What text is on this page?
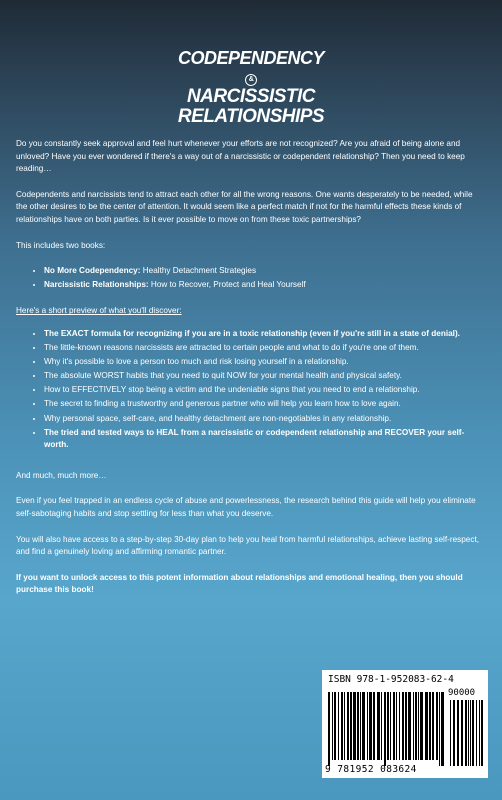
CODEPENDENCY
&
NARCISSISTIC
RELATIONSHIPS

Do you constantly seek approval and feel hurt whenever your efforts are not recognized? Are you afraid of being alone and unloved? Have you ever wondered if there's a way out of a narcissistic or codependent relationship? Then you need to keep reading…

Codependents and narcissists tend to attract each other for all the wrong reasons. One wants desperately to be needed, while the other desires to be the center of attention. It would seem like a perfect match if not for the harmful effects these kinds of relationships have on both parties. Is it ever possible to move on from these toxic partnerships?

This includes two books:

• No More Codependency: Healthy Detachment Strategies
• Narcissistic Relationships: How to Recover, Protect and Heal Yourself
Here's a short preview of what you'll discover:
• The EXACT formula for recognizing if you are in a toxic relationship (even if you're still in a state of denial).
• The little-known reasons narcissists are attracted to certain people and what to do if you're one of them.
• Why it's possible to love a person too much and risk losing yourself in a relationship.
• The absolute WORST habits that you need to quit NOW for your mental health and physical safety.
• How to EFFECTIVELY stop being a victim and the undeniable signs that you need to end a relationship.
• The secret to finding a trustworthy and generous partner who will help you learn how to love again.
• Why personal space, self-care, and healthy detachment are non-negotiables in any relationship.
• The tried and tested ways to HEAL from a narcissistic or codependent relationship and RECOVER your self-worth.

And much, much more…

Even if you feel trapped in an endless cycle of abuse and powerlessness, the research behind this guide will help you eliminate self-sabotaging habits and stop settling for less than what you deserve.

You will also have access to a step-by-step 30-day plan to help you heal from harmful relationships, achieve lasting self-respect, and find a genuinely loving and affirming romantic partner.

If you want to unlock access to this potent information about relationships and emotional healing, then you should purchase this book!

ISBN 978-1-952083-62-4
90000
9 781952 083624
